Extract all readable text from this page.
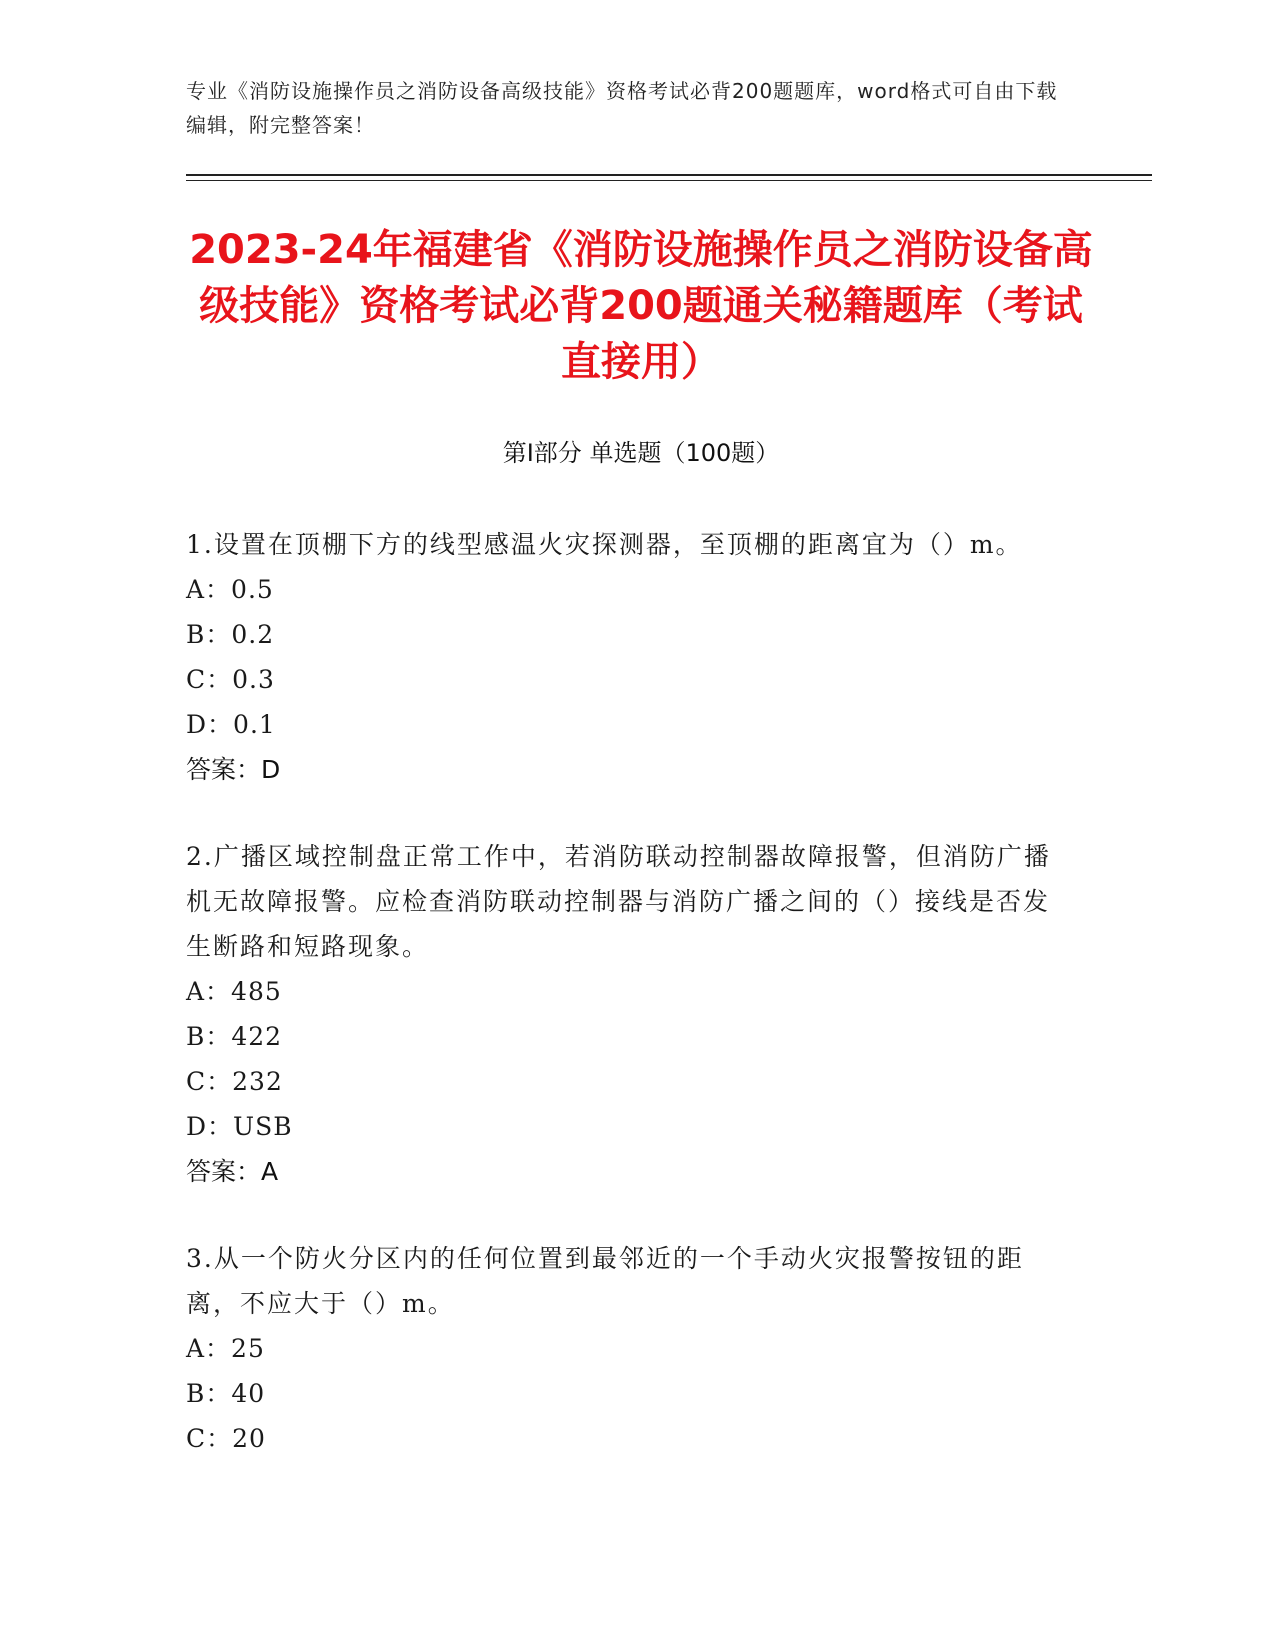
专业《消防设施操作员之消防设备高级技能》资格考试必背200题题库，word格式可自由下载编辑，附完整答案！
2023-24年福建省《消防设施操作员之消防设备高级技能》资格考试必背200题通关秘籍题库（考试直接用）
第I部分 单选题（100题）
1.设置在顶棚下方的线型感温火灾探测器，至顶棚的距离宜为（）m。
A：0.5
B：0.2
C：0.3
D：0.1
答案：D
2.广播区域控制盘正常工作中，若消防联动控制器故障报警，但消防广播机无故障报警。应检查消防联动控制器与消防广播之间的（）接线是否发生断路和短路现象。
A：485
B：422
C：232
D：USB
答案：A
3.从一个防火分区内的任何位置到最邻近的一个手动火灾报警按钮的距离，不应大于（）m。
A：25
B：40
C：20
